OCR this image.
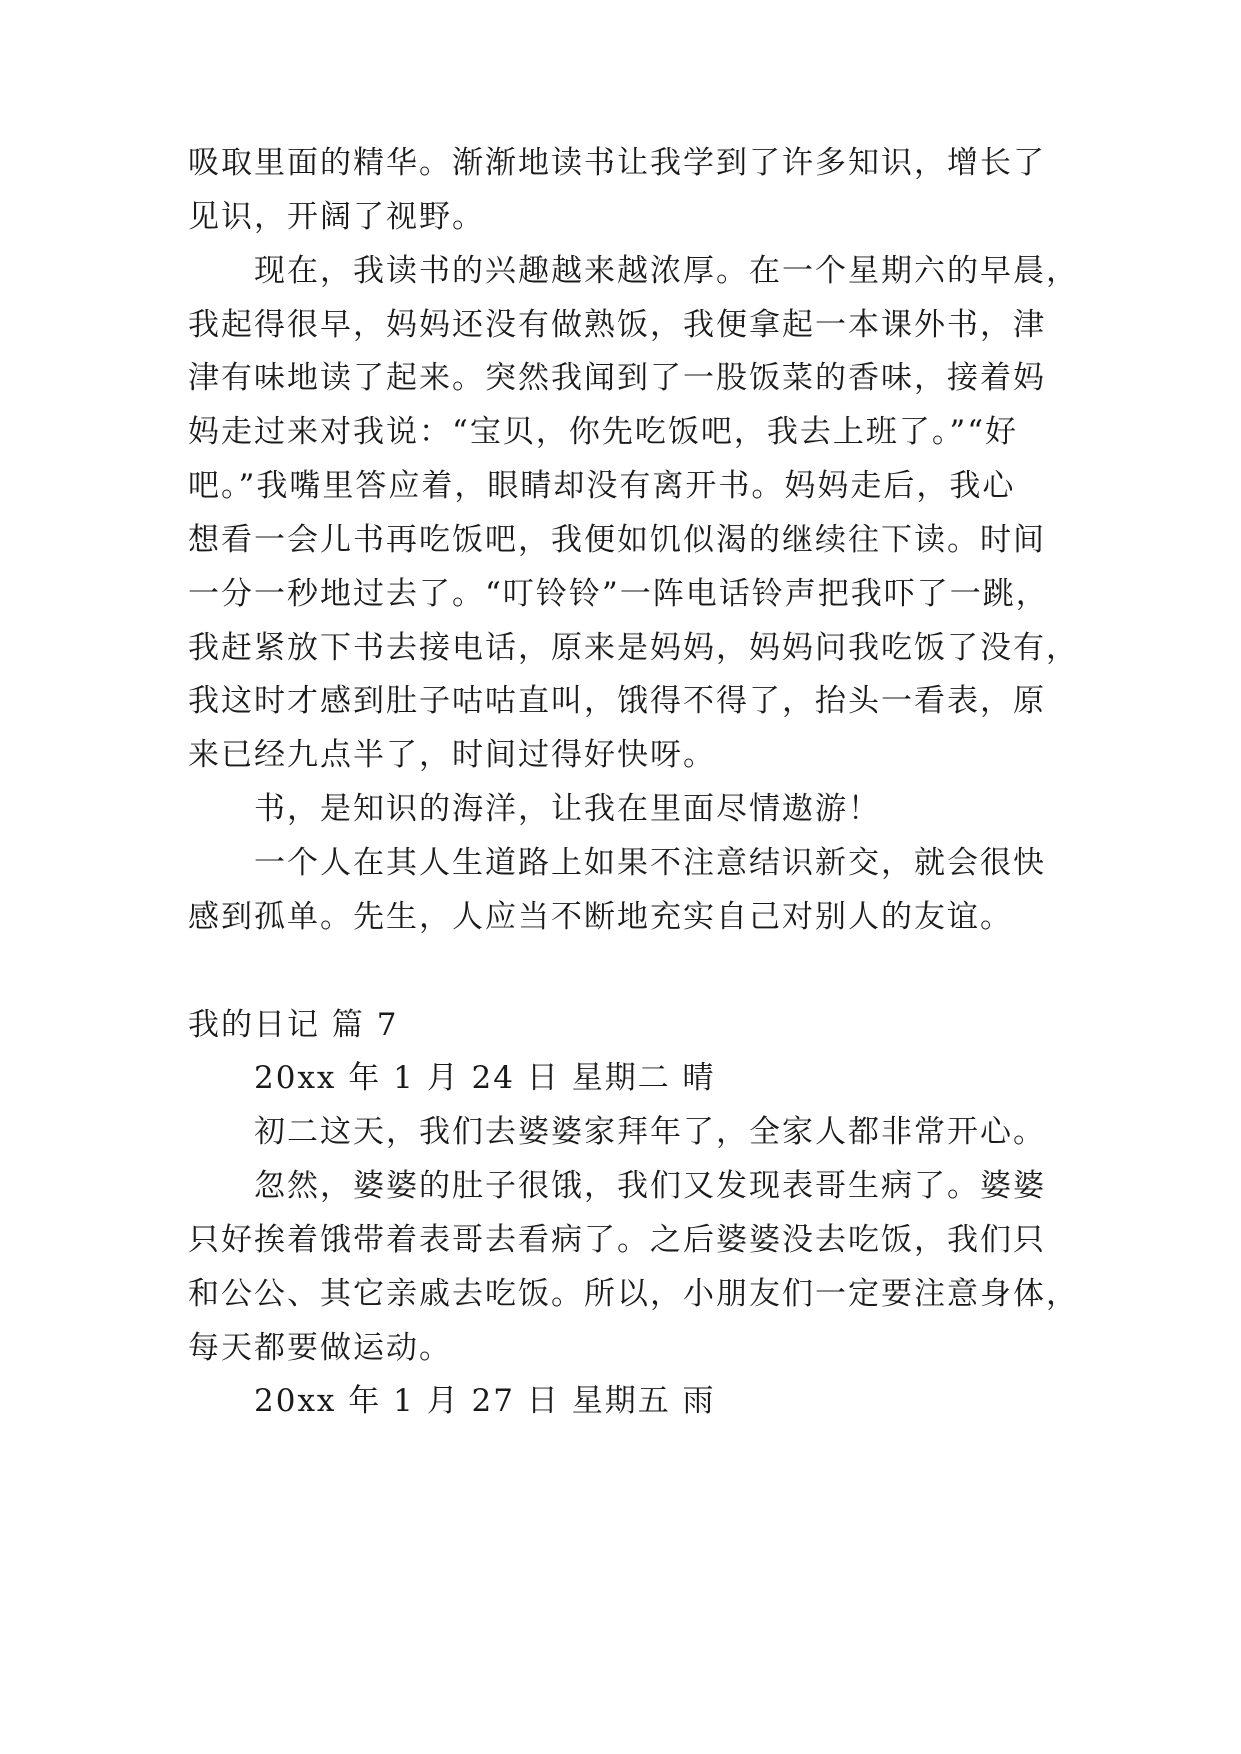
吸取里面的精华。渐渐地读书让我学到了许多知识，增长了
见识，开阔了视野。
现在，我读书的兴趣越来越浓厚。在一个星期六的早晨，
我起得很早，妈妈还没有做熟饭，我便拿起一本课外书，津
津有味地读了起来。突然我闻到了一股饭菜的香味，接着妈
妈走过来对我说：“宝贝，你先吃饭吧，我去上班了。”“好
吧。”我嘴里答应着，眼睛却没有离开书。妈妈走后，我心
想看一会儿书再吃饭吧，我便如饥似渴的继续往下读。时间
一分一秒地过去了。“叮铃铃”一阵电话铃声把我吓了一跳，
我赶紧放下书去接电话，原来是妈妈，妈妈问我吃饭了没有，
我这时才感到肚子咕咕直叫，饿得不得了，抬头一看表，原
来已经九点半了，时间过得好快呀。
书，是知识的海洋，让我在里面尽情遨游！
一个人在其人生道路上如果不注意结识新交，就会很快
感到孤单。先生，人应当不断地充实自己对别人的友谊。
我的日记 篇 7
20xx 年 1 月 24 日 星期二 晴
初二这天，我们去婆婆家拜年了，全家人都非常开心。
忽然，婆婆的肚子很饿，我们又发现表哥生病了。婆婆
只好挨着饿带着表哥去看病了。之后婆婆没去吃饭，我们只
和公公、其它亲戚去吃饭。所以，小朋友们一定要注意身体，
每天都要做运动。
20xx 年 1 月 27 日 星期五 雨
